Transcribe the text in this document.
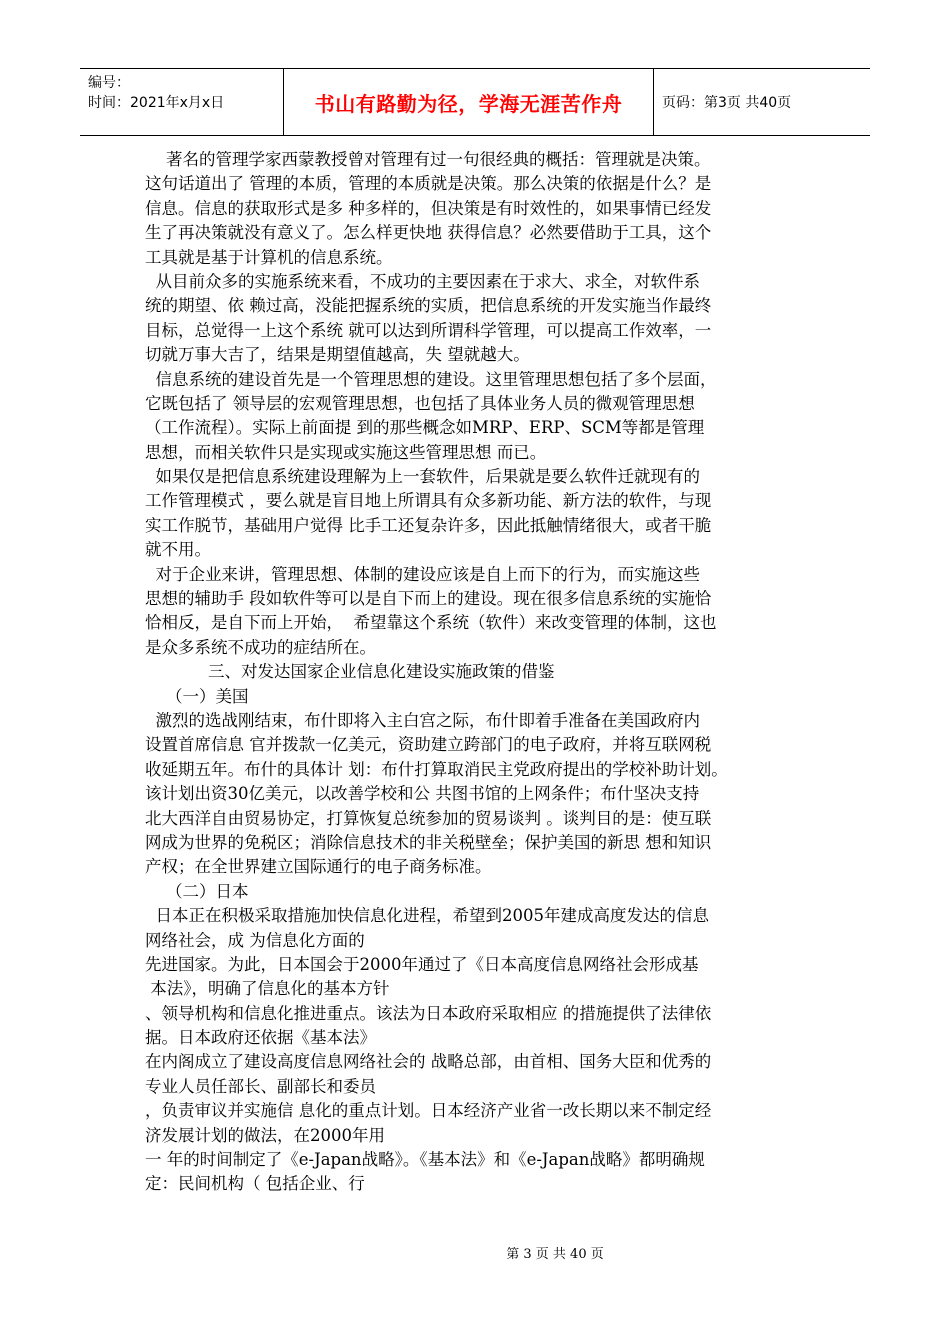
编号：
时间：2021年x月x日	书山有路勤为径，学海无涯苦作舟	页码：第3页 共40页
著名的管理学家西蒙教授曾对管理有过一句很经典的概括：管理就是决策。
这句话道出了 管理的本质，管理的本质就是决策。那么决策的依据是什么？是
信息。信息的获取形式是多 种多样的，但决策是有时效性的，如果事情已经发
生了再决策就没有意义了。怎么样更快地 获得信息？必然要借助于工具，这个
工具就是基于计算机的信息系统。
从目前众多的实施系统来看，不成功的主要因素在于求大、求全，对软件系
统的期望、依 赖过高，没能把握系统的实质，把信息系统的开发实施当作最终
目标，总觉得一上这个系统 就可以达到所谓科学管理，可以提高工作效率，一
切就万事大吉了，结果是期望值越高，失 望就越大。
信息系统的建设首先是一个管理思想的建设。这里管理思想包括了多个层面，
它既包括了 领导层的宏观管理思想，也包括了具体业务人员的微观管理思想
（工作流程）。实际上前面提 到的那些概念如MRP、ERP、SCM等都是管理
思想，而相关软件只是实现或实施这些管理思想 而已。
如果仅是把信息系统建设理解为上一套软件，后果就是要么软件迁就现有的
工作管理模式 ，要么就是盲目地上所谓具有众多新功能、新方法的软件，与现
实工作脱节，基础用户觉得 比手工还复杂许多，因此抵触情绪很大，或者干脆
就不用。
对于企业来讲，管理思想、体制的建设应该是自上而下的行为，而实施这些
思想的辅助手 段如软件等可以是自下而上的建设。现在很多信息系统的实施恰
恰相反，是自下而上开始，  希望靠这个系统（软件）来改变管理的体制，这也
是众多系统不成功的症结所在。
三、对发达国家企业信息化建设实施政策的借鉴
（一）美国
激烈的选战刚结束，布什即将入主白宫之际，布什即着手准备在美国政府内
设置首席信息 官并拨款一亿美元，资助建立跨部门的电子政府，并将互联网税
收延期五年。布什的具体计 划：布什打算取消民主党政府提出的学校补助计划。
该计划出资30亿美元，以改善学校和公 共图书馆的上网条件；布什坚决支持
北大西洋自由贸易协定，打算恢复总统参加的贸易谈判 。谈判目的是：使互联
网成为世界的免税区；消除信息技术的非关税壁垒；保护美国的新思 想和知识
产权；在全世界建立国际通行的电子商务标准。
（二）日本
日本正在积极采取措施加快信息化进程，希望到2005年建成高度发达的信息
网络社会，成 为信息化方面的
先进国家。为此，日本国会于2000年通过了《日本高度信息网络社会形成基
本法》，明确了信息化的基本方针
、领导机构和信息化推进重点。该法为日本政府采取相应 的措施提供了法律依
据。日本政府还依据《基本法》
在内阁成立了建设高度信息网络社会的 战略总部，由首相、国务大臣和优秀的
专业人员任部长、副部长和委员
，负责审议并实施信 息化的重点计划。日本经济产业省一改长期以来不制定经
济发展计划的做法，在2000年用
一 年的时间制定了《e-Japan战略》。《基本法》和《e-Japan战略》都明确规
定：民间机构（ 包括企业、行
第 3 页 共 40 页
